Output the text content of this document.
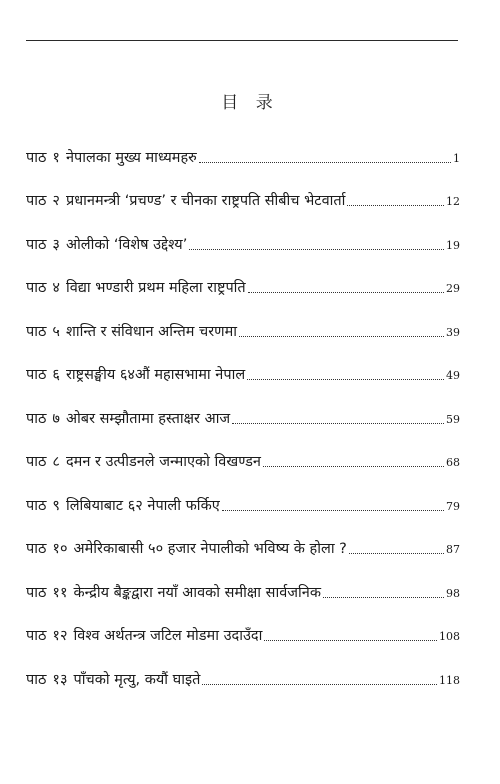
目 录
पाठ १ नेपालका मुख्य माध्यमहरु	1
पाठ २ प्रधानमन्त्री ‘प्रचण्ड’ र चीनका राष्ट्रपति सीबीच भेटवार्ता	12
पाठ ३ ओलीको ‘विशेष उद्देश्य’	19
पाठ ४ विद्या भण्डारी प्रथम महिला राष्ट्रपति	29
पाठ ५ शान्ति र संविधान अन्तिम चरणमा	39
पाठ ६ राष्ट्रसङ्घीय ६४औं महासभामा नेपाल	49
पाठ ७ ओबर सम्झौतामा हस्ताक्षर आज	59
पाठ ८ दमन र उत्पीडनले जन्माएको विखण्डन	68
पाठ ९ लिबियाबाट ६२ नेपाली फर्किए	79
पाठ १० अमेरिकाबासी ५० हजार नेपालीको भविष्य के होला ?	87
पाठ ११ केन्द्रीय बैङ्कद्वारा नयाँ आवको समीक्षा सार्वजनिक	98
पाठ १२ विश्व अर्थतन्त्र जटिल मोडमा उदाउँदा	108
पाठ १३ पाँचको मृत्यु, कयौं घाइते	118
